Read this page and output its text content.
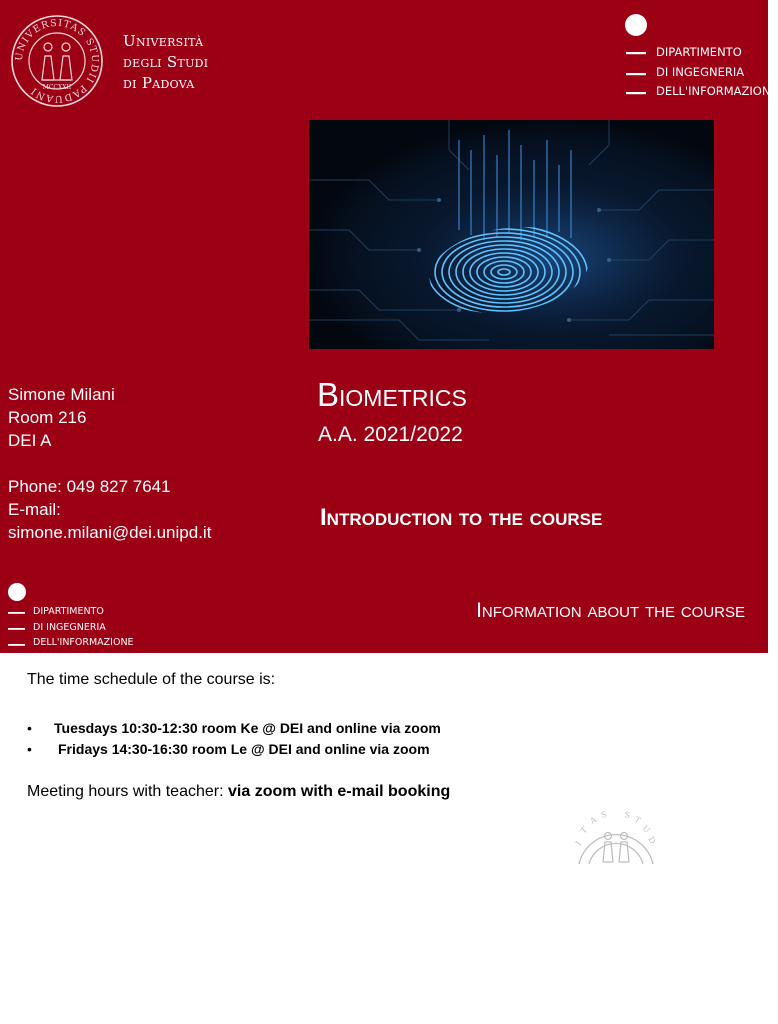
UNIVERSITAS STUDII PADUANI MCCXXII
Università
degli Studi
di Padova
DIPARTIMENTO
DI INGEGNERIA
DELL'INFORMAZIONE
Simone Milani
Room 216
DEI A
Phone: 049 827 7641
E-mail:
simone.milani@dei.unipd.it
Biometrics
A.A. 2021/2022
Introduction to the course
DIPARTIMENTO
DI INGEGNERIA
DELL'INFORMAZIONE
Information about the course
The time schedule of the course is:
• Tuesdays 10:30-12:30 room Ke @ DEI and online via zoom
• Fridays 14:30-16:30 room Le @ DEI and online via zoom
Meeting hours with teacher: via zoom with e-mail booking
I
T
A
S S T
U
D
